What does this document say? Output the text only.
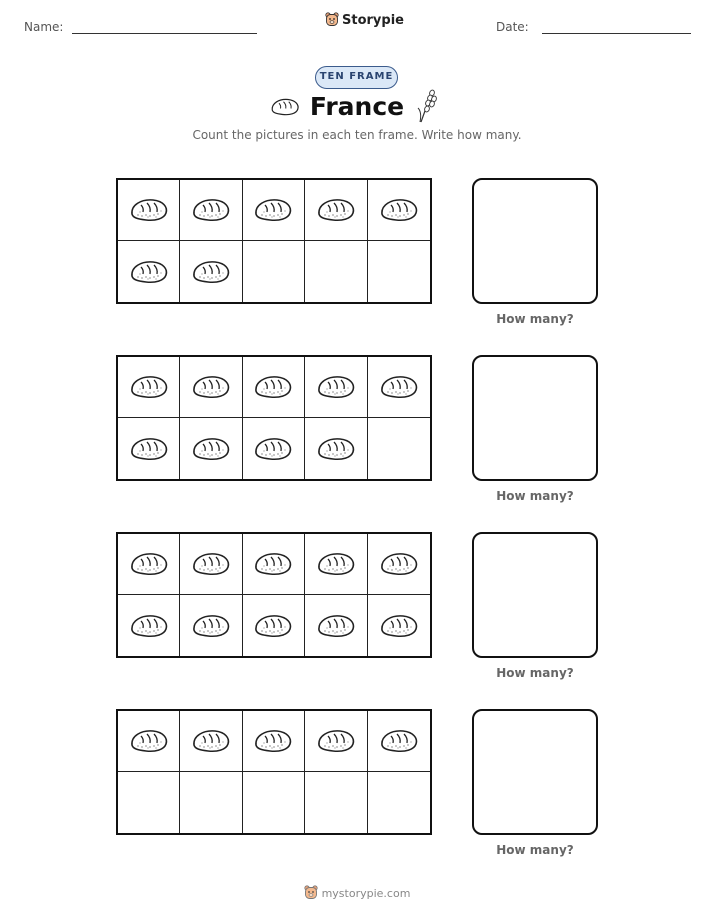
Name:	Storypie	Date:
TEN FRAME
France
Count the pictures in each ten frame. Write how many.
How many?
How many?
How many?
How many?
mystorypie.com
